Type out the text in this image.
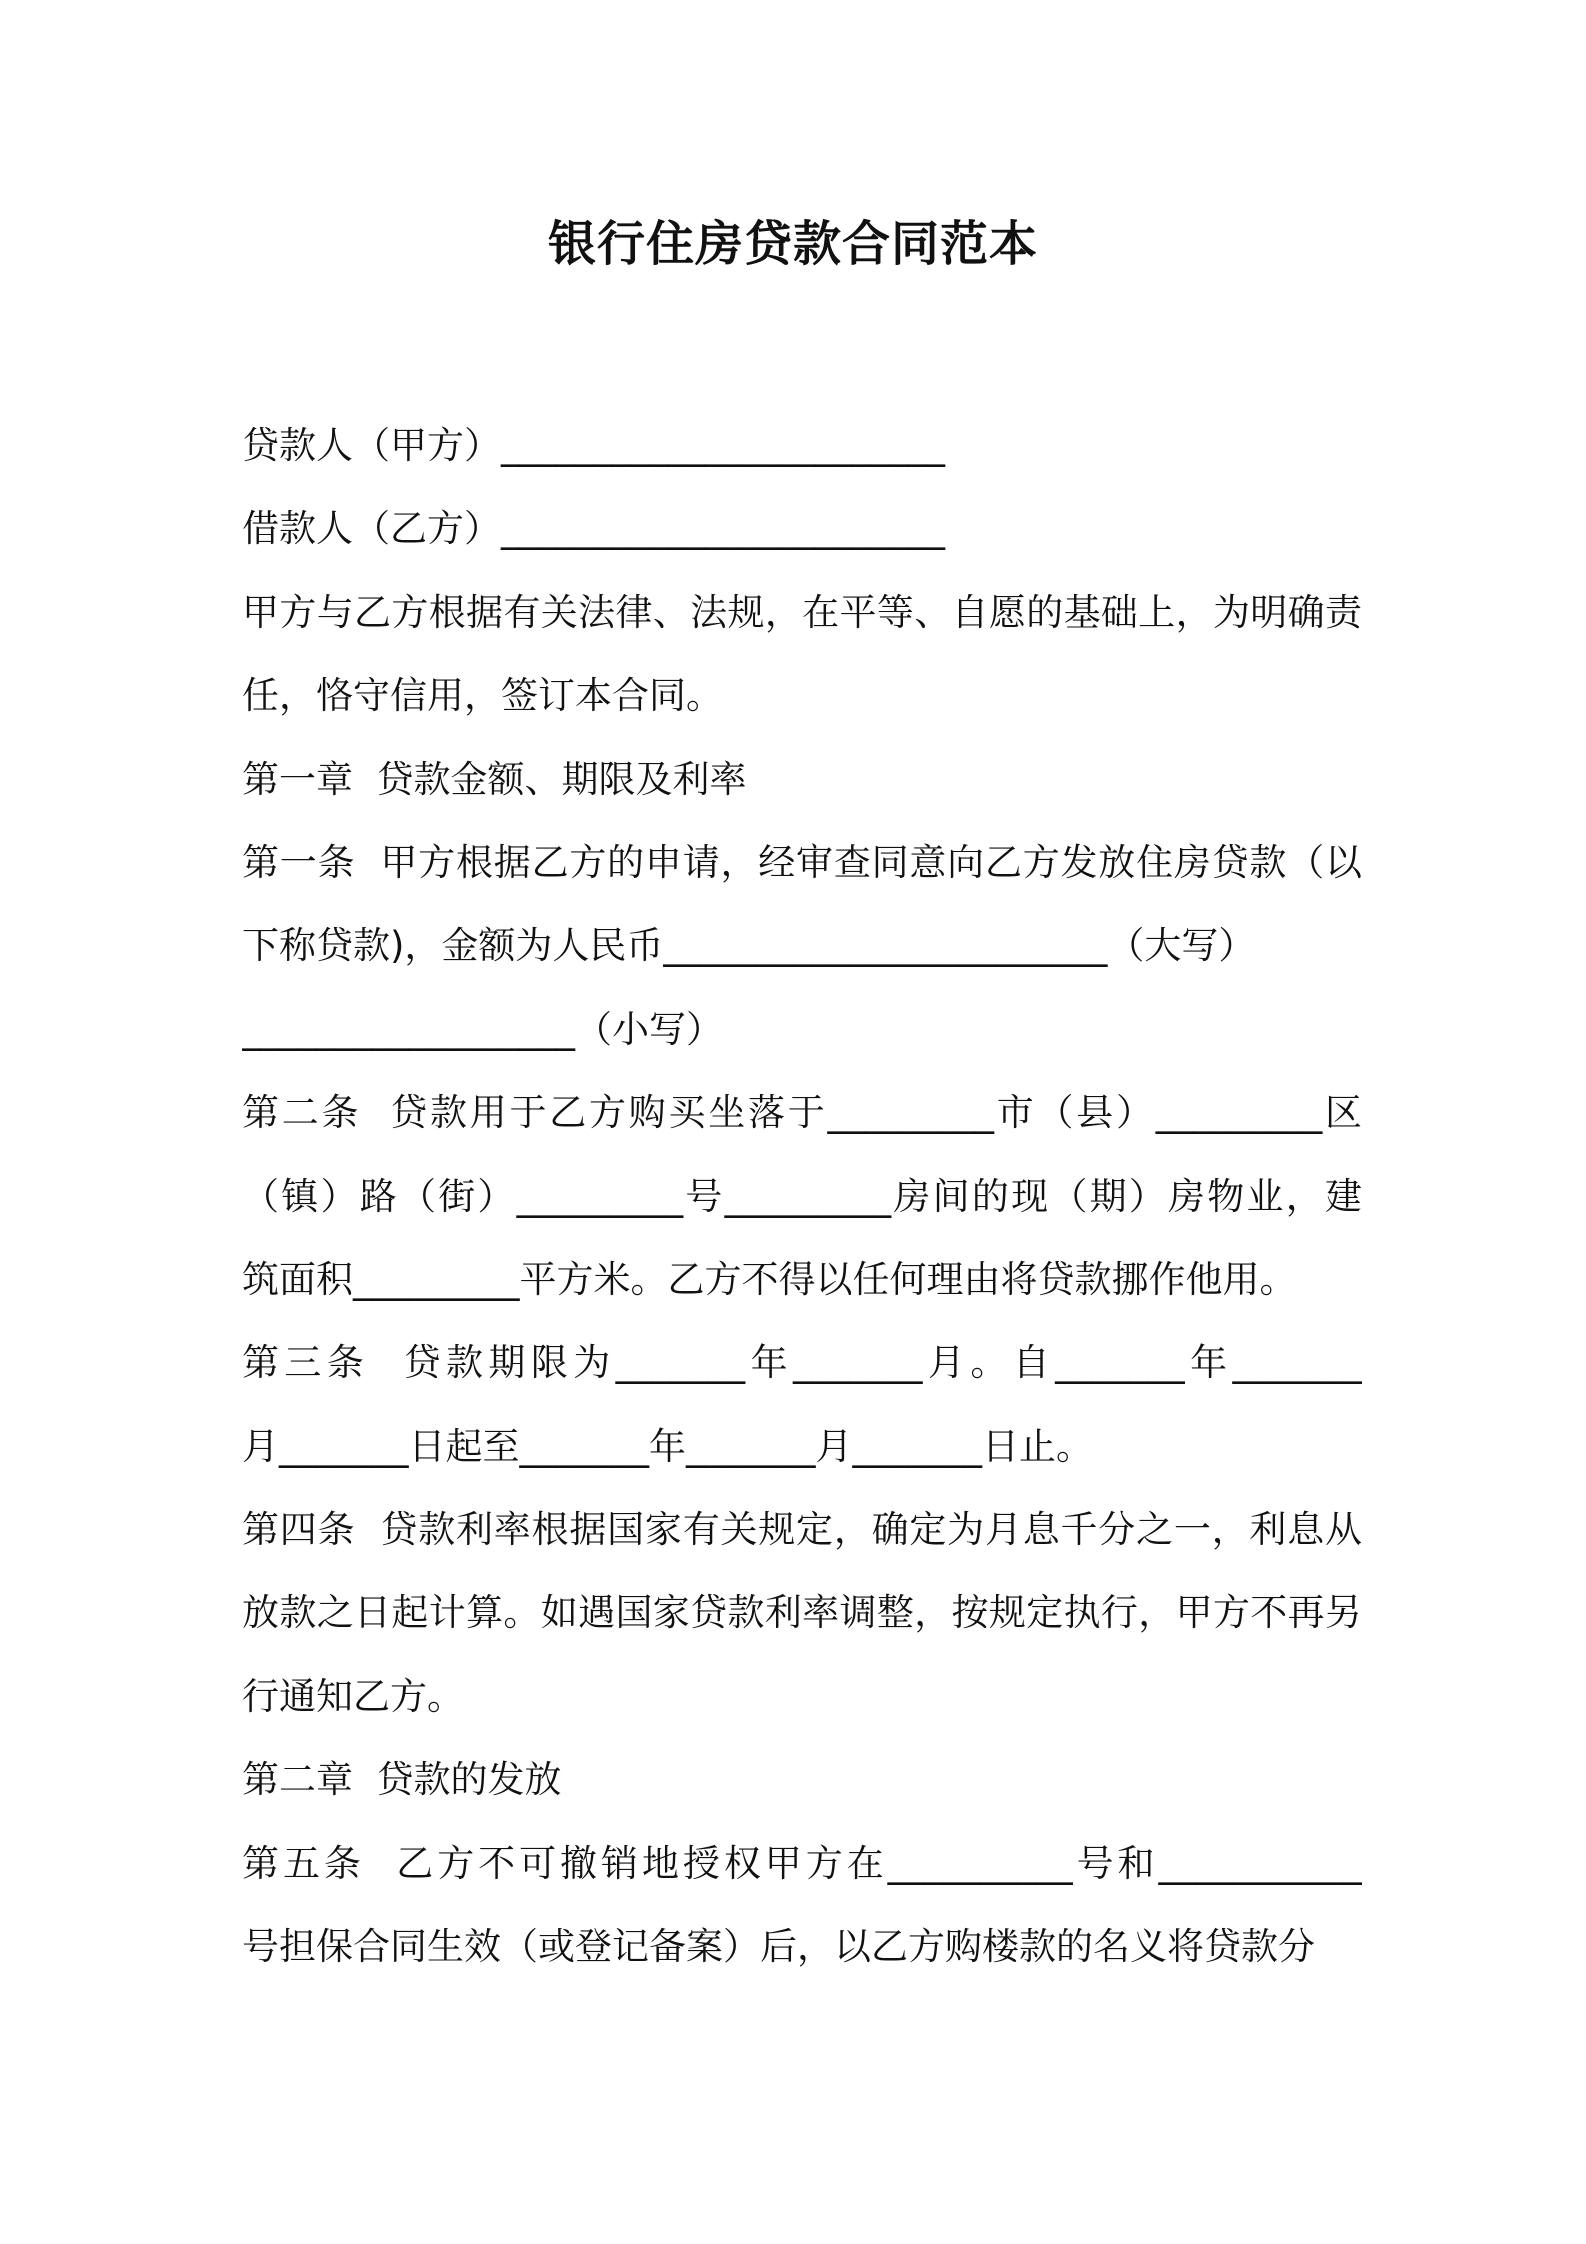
银行住房贷款合同范本
贷款人（甲方）________________________
借款人（乙方）________________________
甲方与乙方根据有关法律、法规，在平等、自愿的基础上，为明确责
任，恪守信用，签订本合同。
第一章  贷款金额、期限及利率
第一条  甲方根据乙方的申请，经审查同意向乙方发放住房贷款（以
下称贷款)，金额为人民币________________________（大写）
__________________（小写）
第二条  贷款用于乙方购买坐落于_________市（县）_________区
（镇）路（街）_________号_________房间的现（期）房物业，建
筑面积_________平方米。乙方不得以任何理由将贷款挪作他用。
第三条  贷款期限为_______年_______月。自_______年_______
月_______日起至_______年_______月_______日止。
第四条  贷款利率根据国家有关规定，确定为月息千分之一，利息从
放款之日起计算。如遇国家贷款利率调整，按规定执行，甲方不再另
行通知乙方。
第二章  贷款的发放
第五条  乙方不可撤销地授权甲方在__________号和___________
号担保合同生效（或登记备案）后，以乙方购楼款的名义将贷款分
